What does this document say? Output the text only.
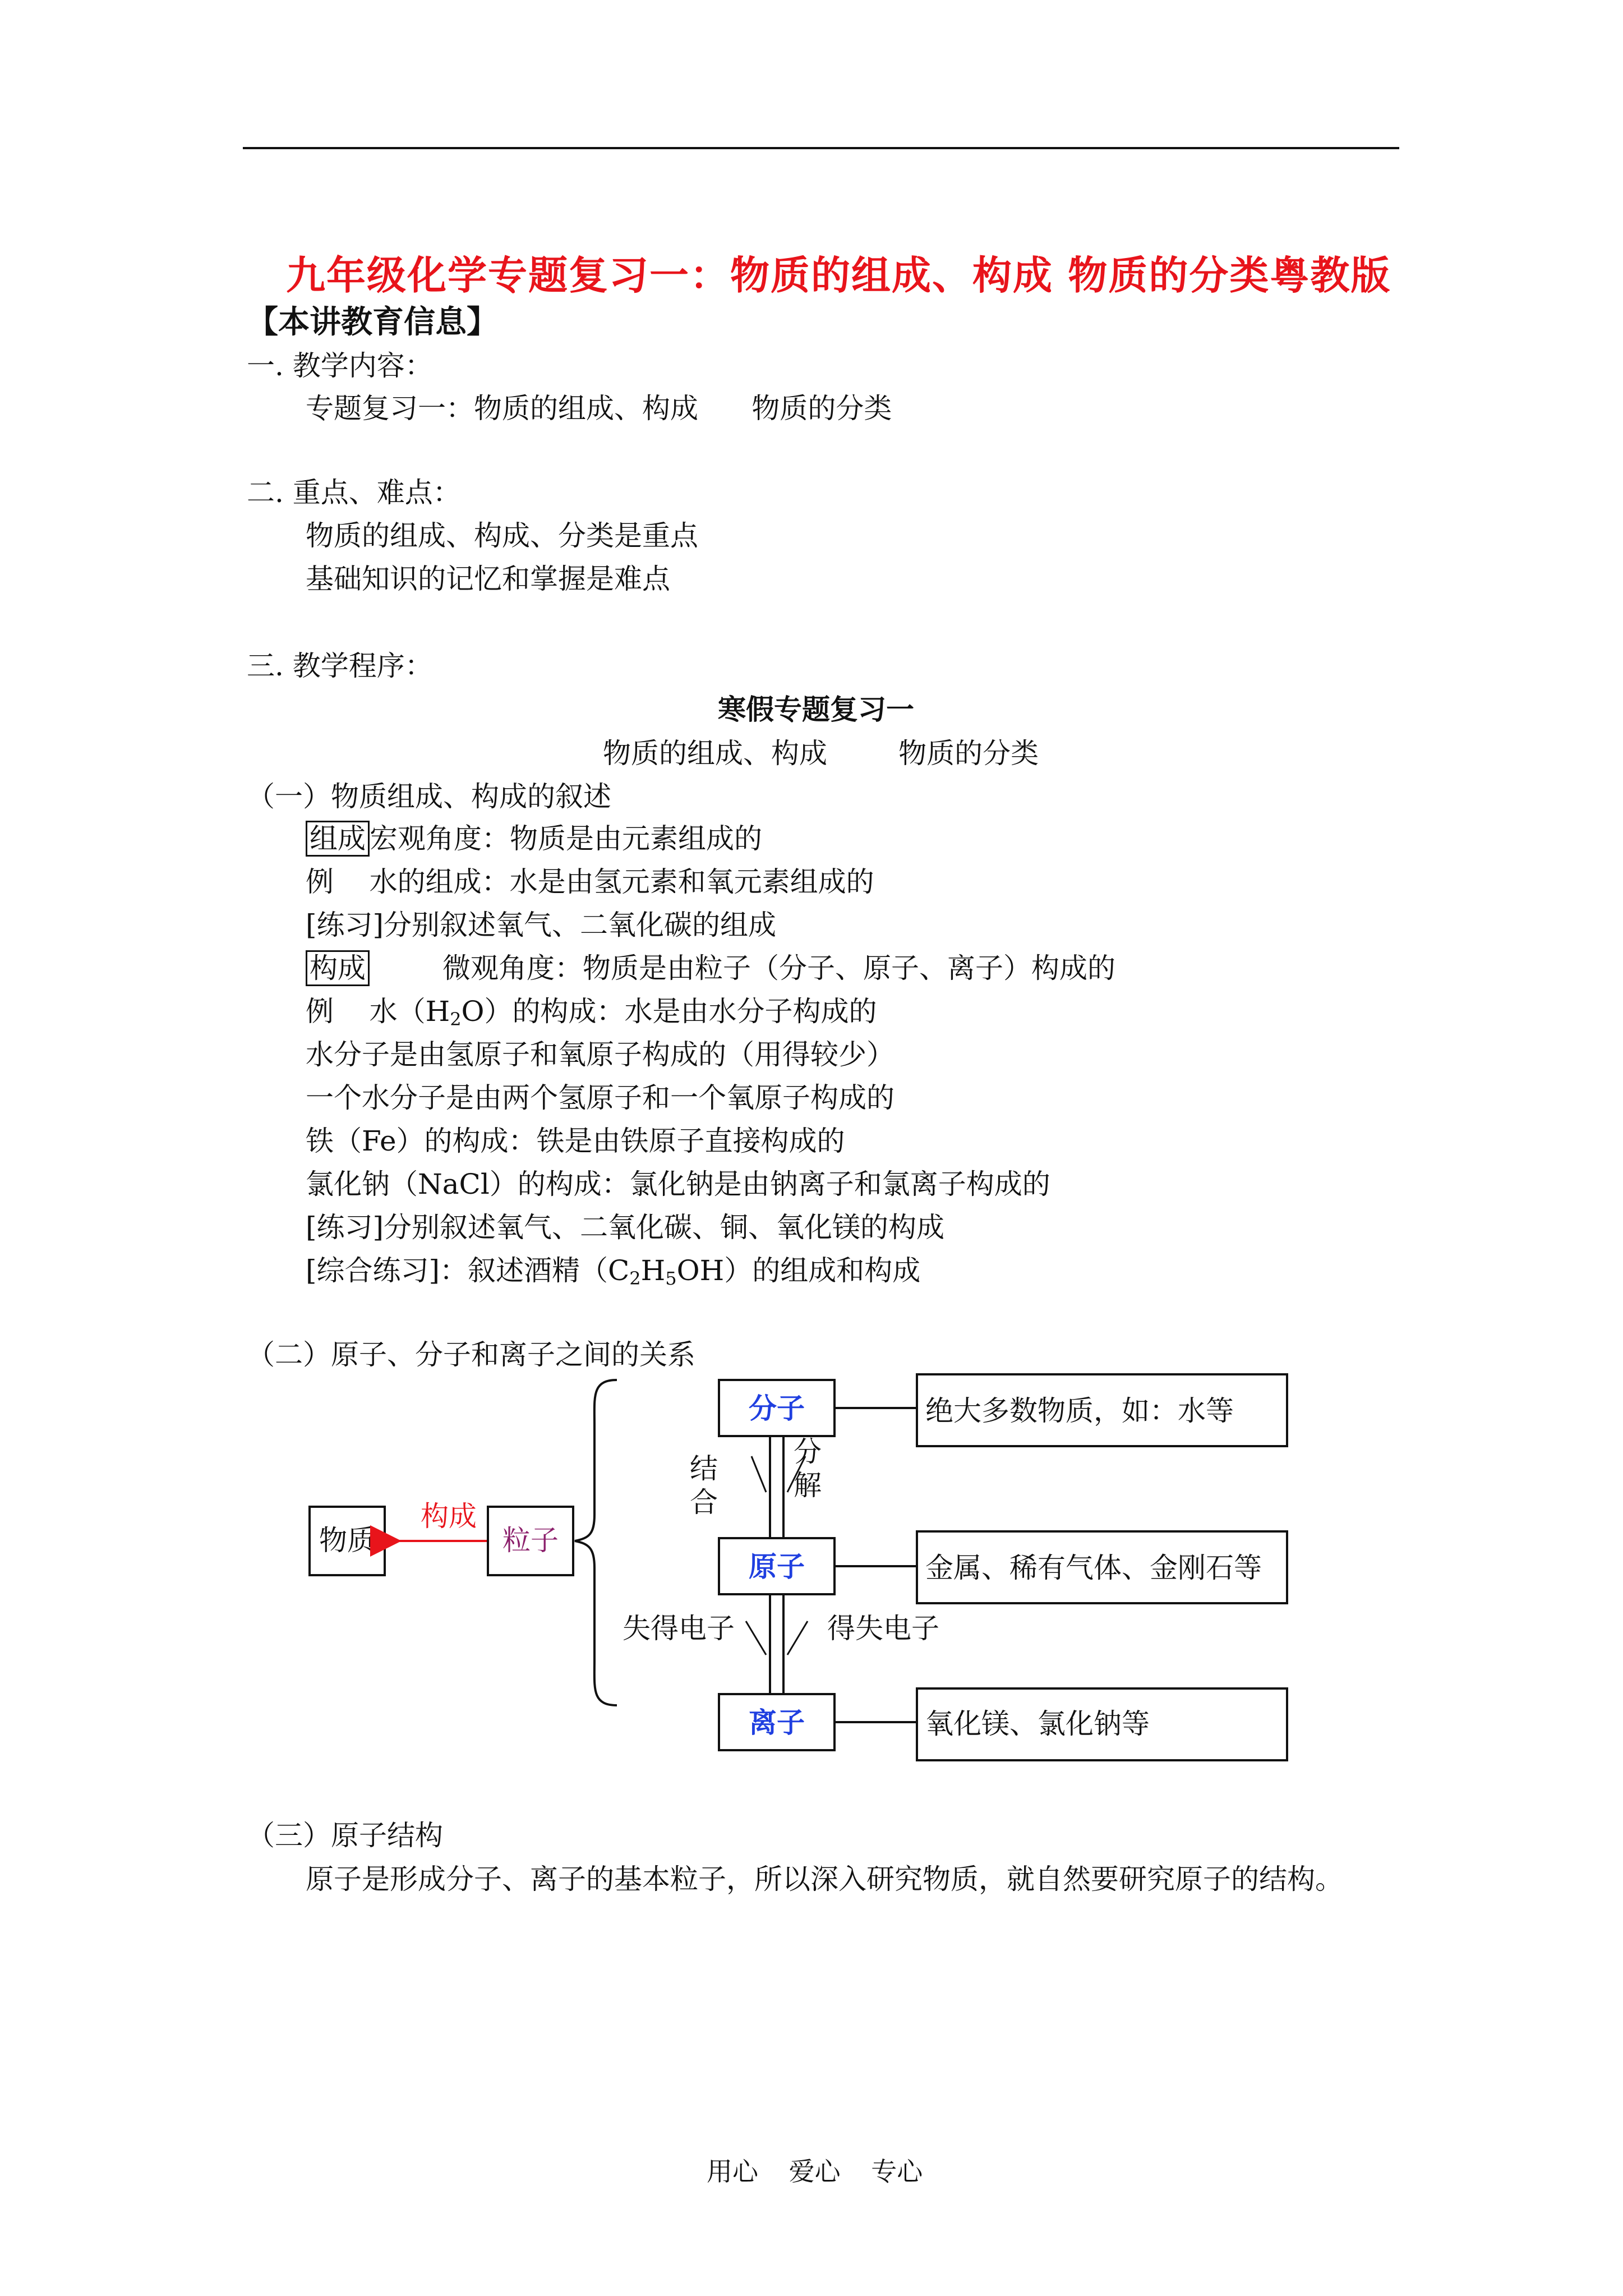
九年级化学专题复习一：物质的组成、构成 物质的分类粤教版
【本讲教育信息】
一. 教学内容：
专题复习一：物质的组成、构成      物质的分类
二. 重点、难点：
物质的组成、构成、分类是重点
基础知识的记忆和掌握是难点
三. 教学程序：
寒假专题复习一
物质的组成、构成        物质的分类
（一）物质组成、构成的叙述
组成 宏观角度：物质是由元素组成的
例    水的组成：水是由氢元素和氧元素组成的
[练习]分别叙述氧气、二氧化碳的组成
构成	微观角度：物质是由粒子（分子、原子、离子）构成的
例    水$(H_2O)$的构成：水是由水分子构成的
水分子是由氢原子和氧原子构成的（用得较少）
一个水分子是由两个氢原子和一个氧原子构成的
铁（Fe）的构成：铁是由铁原子直接构成的
氯化钠（NaCl）的构成：氯化钠是由钠离子和氯离子构成的
[练习]分别叙述氧气、二氧化碳、铜、氧化镁的构成
[综合练习]：叙述酒精$(C_2H_5OH)$的组成和构成
（二）原子、分子和离子之间的关系
物质
构成
粒子
分子
原子
离子
结
合
分
解
失得电子	得失电子
绝大多数物质，如：水等
金属、稀有气体、金刚石等
氧化镁、氯化钠等
（三）原子结构
原子是形成分子、离子的基本粒子，所以深入研究物质，就自然要研究原子的结构。
用心 爱心 专心
